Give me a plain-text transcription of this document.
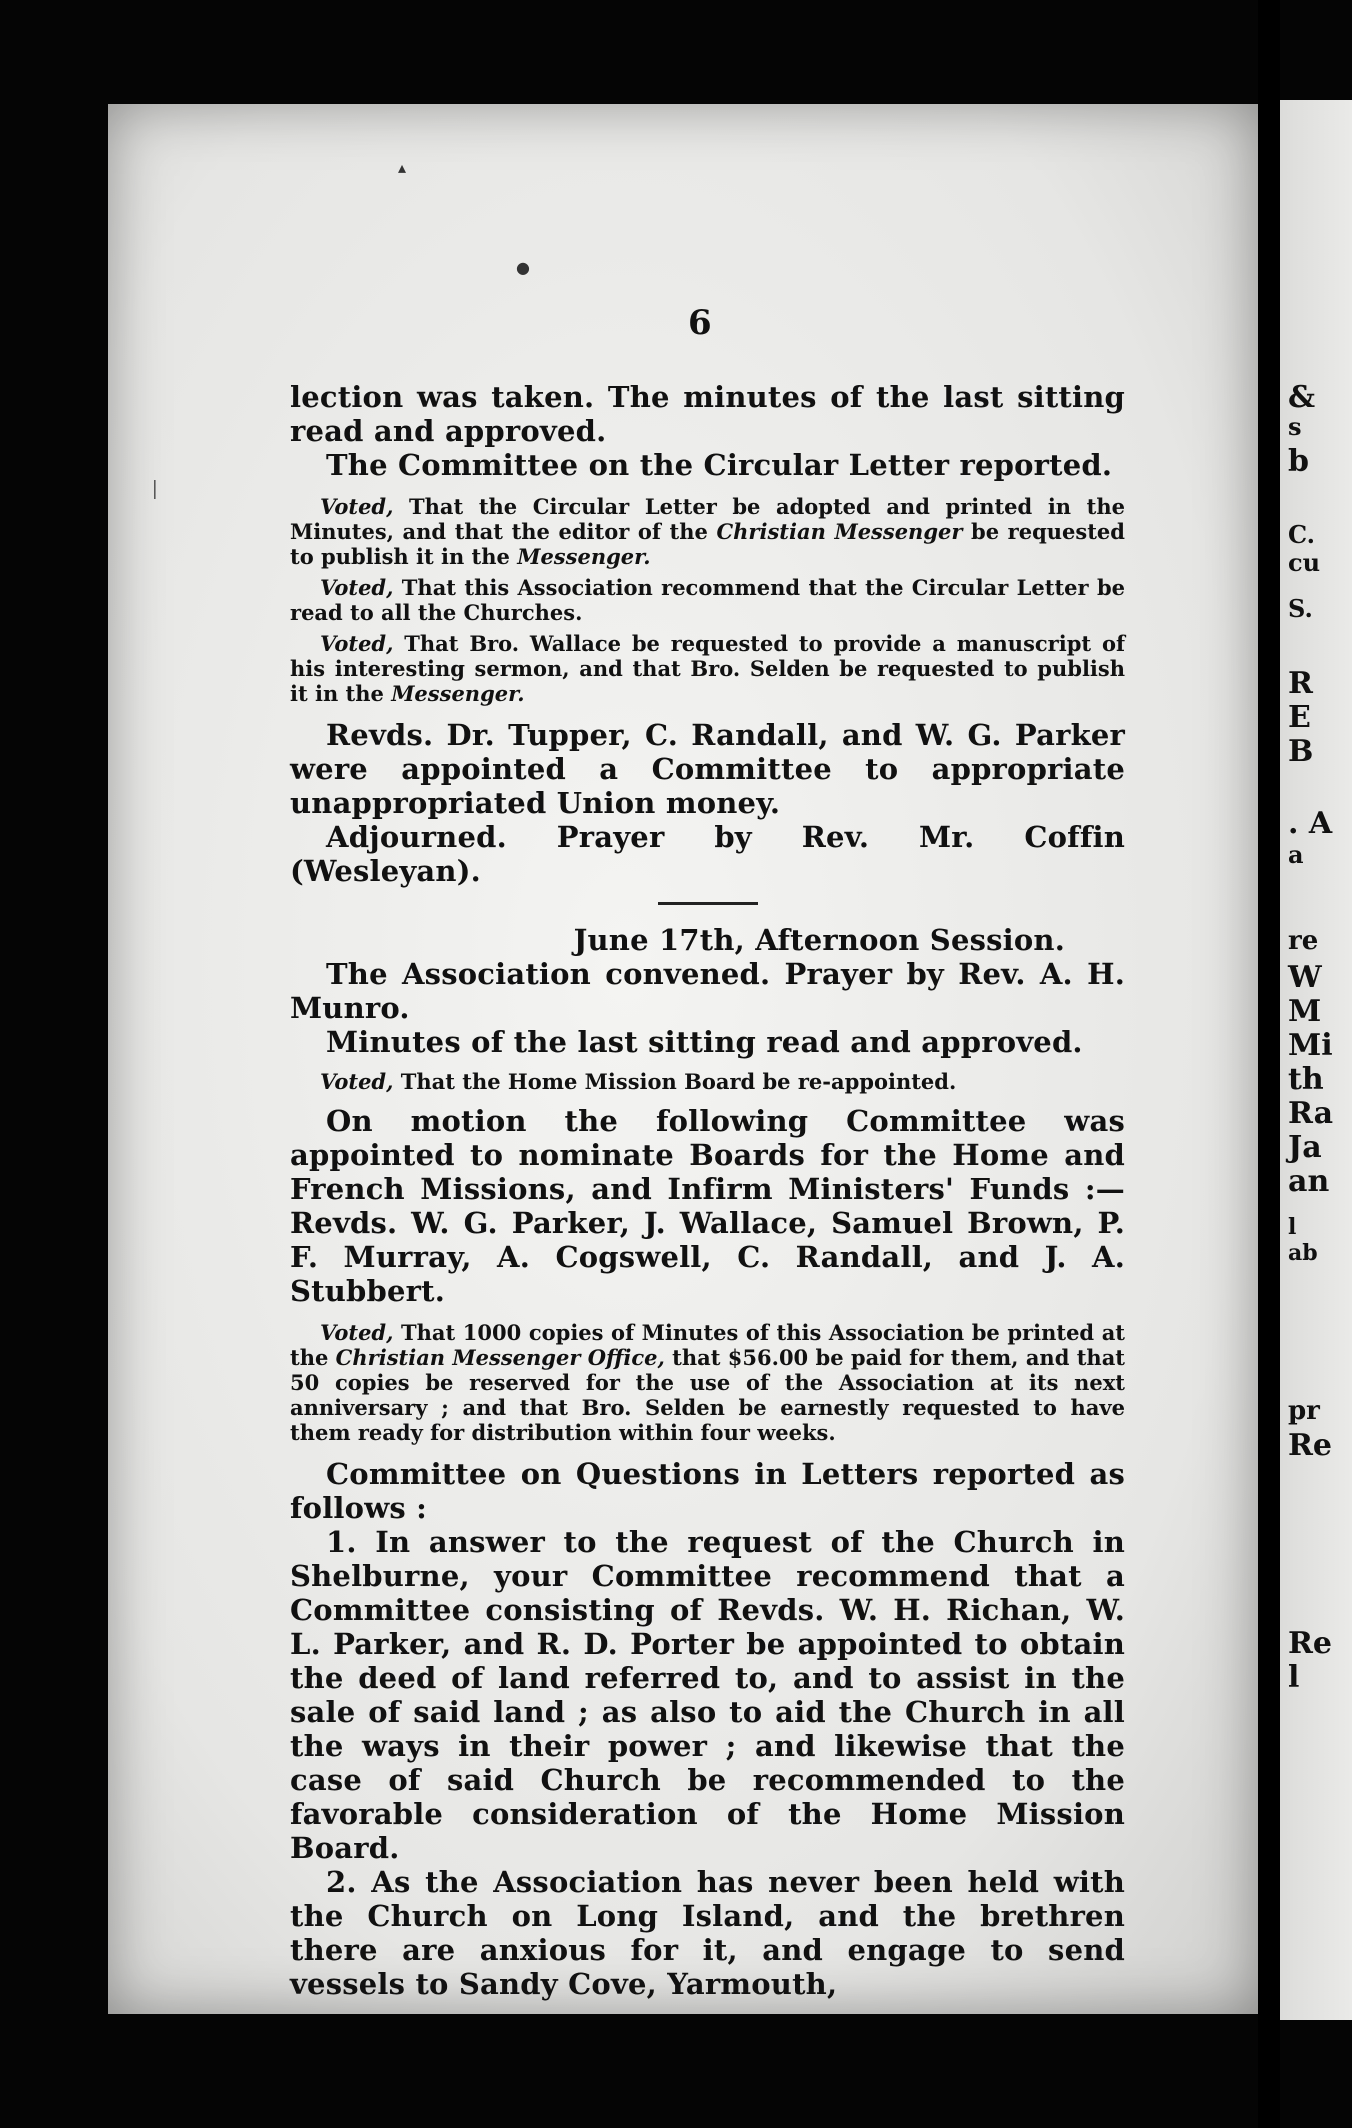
&
s
b
C.
cu
S.
R
E
B
. A
a
re
W
M
Mi
th
Ra
Ja
an
l
ab
pr
Re
Re
l
▴
●
│
6

lection was taken. The minutes of the last sitting read and approved.

The Committee on the Circular Letter reported.

Voted, That the Circular Letter be adopted and printed in the Minutes, and that the editor of the Christian Messenger be requested to publish it in the Messenger.

Voted, That this Association recommend that the Circular Letter be read to all the Churches.

Voted, That Bro. Wallace be requested to provide a manuscript of his interesting sermon, and that Bro. Selden be requested to publish it in the Messenger.

Revds. Dr. Tupper, C. Randall, and W. G. Parker were appointed a Committee to appropriate unappropriated Union money.

Adjourned. Prayer by Rev. Mr. Coffin (Wesleyan).

June 17th, Afternoon Session.

The Association convened. Prayer by Rev. A. H. Munro.

Minutes of the last sitting read and approved.

Voted, That the Home Mission Board be re-appointed.

On motion the following Committee was appointed to nominate Boards for the Home and French Missions, and Infirm Ministers' Funds :—Revds. W. G. Parker, J. Wallace, Samuel Brown, P. F. Murray, A. Cogswell, C. Randall, and J. A. Stubbert.

Voted, That 1000 copies of Minutes of this Association be printed at the Christian Messenger Office, that $56.00 be paid for them, and that 50 copies be reserved for the use of the Association at its next anniversary ; and that Bro. Selden be earnestly requested to have them ready for distribution within four weeks.

Committee on Questions in Letters reported as follows :

1. In answer to the request of the Church in Shelburne, your Committee recommend that a Committee consisting of Revds. W. H. Richan, W. L. Parker, and R. D. Porter be appointed to obtain the deed of land referred to, and to assist in the sale of said land ; as also to aid the Church in all the ways in their power ; and likewise that the case of said Church be recommended to the favorable consideration of the Home Mission Board.

2. As the Association has never been held with the Church on Long Island, and the brethren there are anxious for it, and engage to send vessels to Sandy Cove, Yarmouth,
